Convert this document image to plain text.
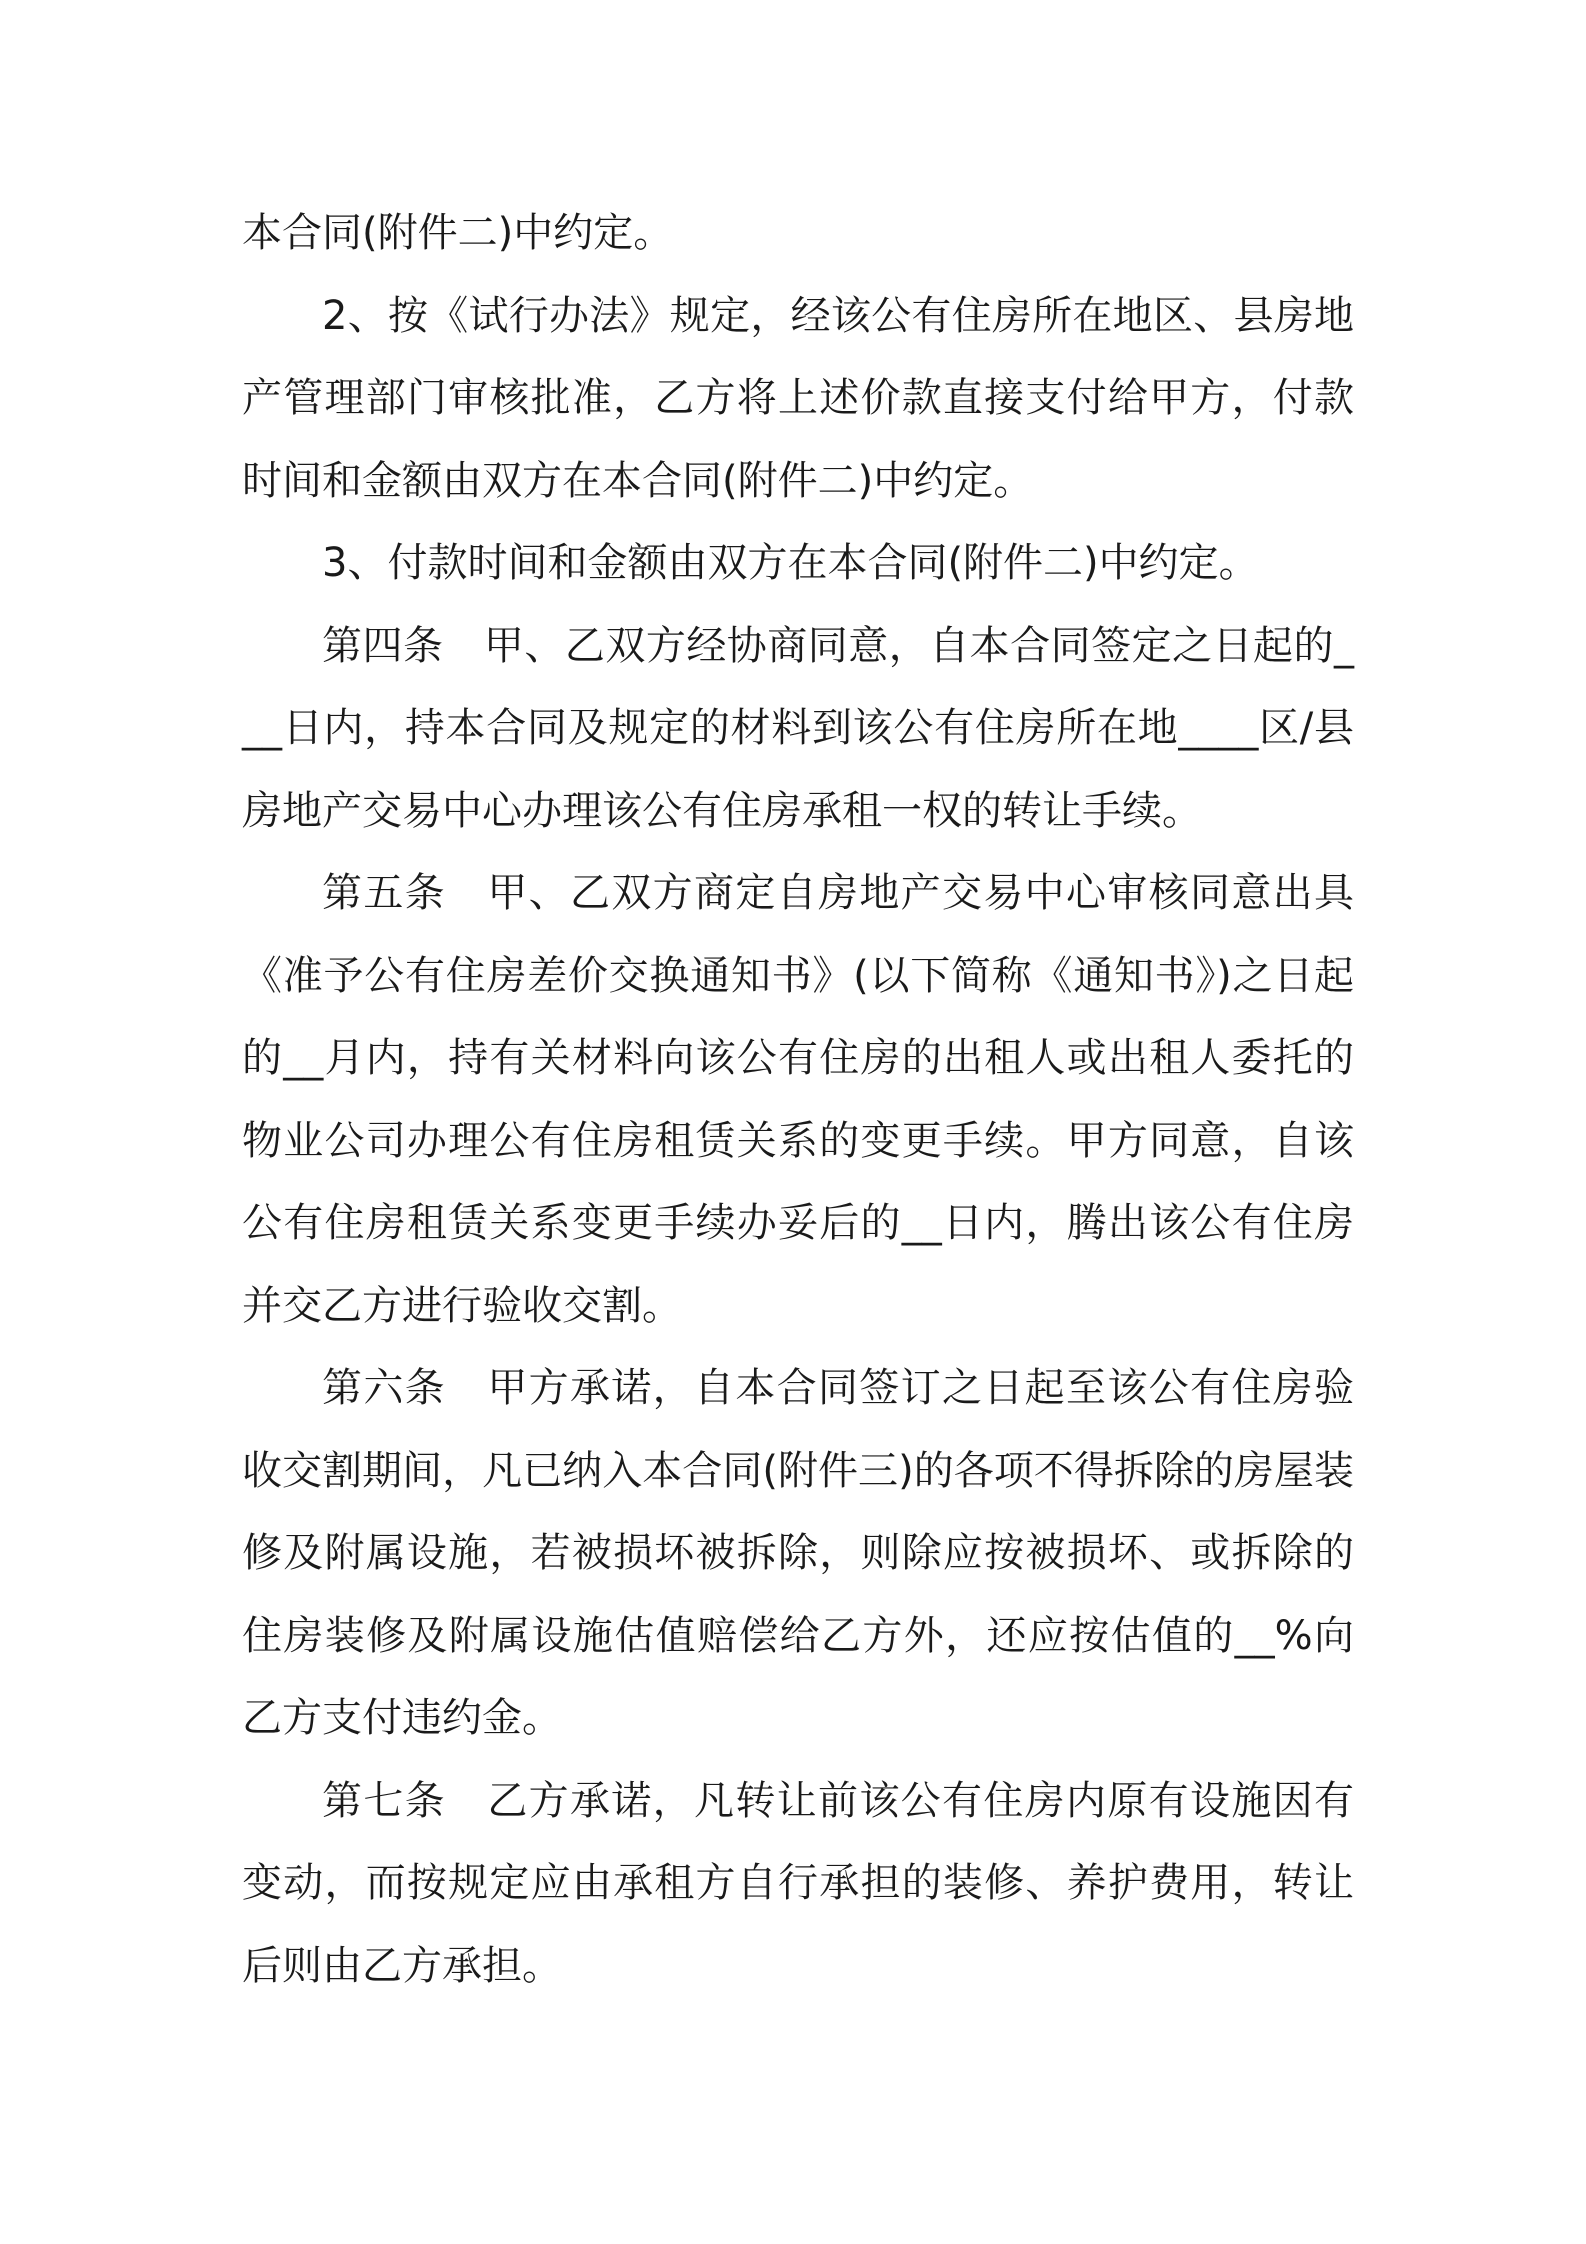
本合同(附件二)中约定。

2、按《试行办法》规定，经该公有住房所在地区、县房地产管理部门审核批准，乙方将上述价款直接支付给甲方，付款时间和金额由双方在本合同(附件二)中约定。

3、付款时间和金额由双方在本合同(附件二)中约定。

第四条　甲、乙双方经协商同意，自本合同签定之日起的___日内，持本合同及规定的材料到该公有住房所在地____区/县房地产交易中心办理该公有住房承租一权的转让手续。

第五条　甲、乙双方商定自房地产交易中心审核同意出具《准予公有住房差价交换通知书》(以下简称《通知书》)之日起的__月内，持有关材料向该公有住房的出租人或出租人委托的物业公司办理公有住房租赁关系的变更手续。甲方同意，自该公有住房租赁关系变更手续办妥后的__日内，腾出该公有住房并交乙方进行验收交割。

第六条　甲方承诺，自本合同签订之日起至该公有住房验收交割期间，凡已纳入本合同(附件三)的各项不得拆除的房屋装修及附属设施，若被损坏被拆除，则除应按被损坏、或拆除的住房装修及附属设施估值赔偿给乙方外，还应按估值的__%向乙方支付违约金。

第七条　乙方承诺，凡转让前该公有住房内原有设施因有变动，而按规定应由承租方自行承担的装修、养护费用，转让后则由乙方承担。
